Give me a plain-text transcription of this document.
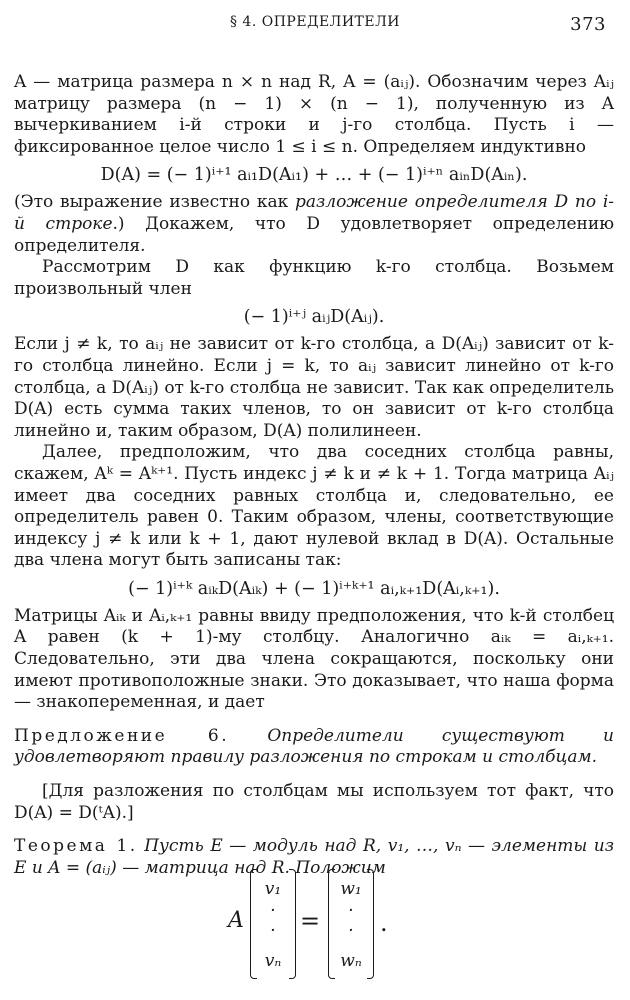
§ 4. ОПРЕДЕЛИТЕЛИ	373

A — матрица размера n × n над R, A = (aᵢⱼ). Обозначим через Aᵢⱼ матрицу размера (n − 1) × (n − 1), полученную из A вычеркиванием i-й строки и j-го столбца. Пусть i — фиксированное целое число 1 ≤ i ≤ n. Определяем индуктивно

D(A) = (− 1)ⁱ⁺¹ aᵢ₁D(Aᵢ₁) + … + (− 1)ⁱ⁺ⁿ aᵢₙD(Aᵢₙ).

(Это выражение известно как разложение определителя D по i-й строке.) Докажем, что D удовлетворяет определению определителя.

Рассмотрим D как функцию k-го столбца. Возьмем произвольный член

(− 1)ⁱ⁺ʲ aᵢⱼD(Aᵢⱼ).

Если j ≠ k, то aᵢⱼ не зависит от k-го столбца, а D(Aᵢⱼ) зависит от k-го столбца линейно. Если j = k, то aᵢⱼ зависит линейно от k-го столбца, а D(Aᵢⱼ) от k-го столбца не зависит. Так как определитель D(A) есть сумма таких членов, то он зависит от k-го столбца линейно и, таким образом, D(A) полилинеен.

Далее, предположим, что два соседних столбца равны, скажем, Aᵏ = Aᵏ⁺¹. Пусть индекс j ≠ k и ≠ k + 1. Тогда матрица Aᵢⱼ имеет два соседних равных столбца и, следовательно, ее определитель равен 0. Таким образом, члены, соответствующие индексу j ≠ k или k + 1, дают нулевой вклад в D(A). Остальные два члена могут быть записаны так:

(− 1)ⁱ⁺ᵏ aᵢₖD(Aᵢₖ) + (− 1)ⁱ⁺ᵏ⁺¹ aᵢ,ₖ₊₁D(Aᵢ,ₖ₊₁).

Матрицы Aᵢₖ и Aᵢ,ₖ₊₁ равны ввиду предположения, что k-й столбец A равен (k + 1)-му столбцу. Аналогично aᵢₖ = aᵢ,ₖ₊₁. Следовательно, эти два члена сокращаются, поскольку они имеют противоположные знаки. Это доказывает, что наша форма — знакопеременная, и дает

Предложение 6. Определители существуют и удовлетворяют правилу разложения по строкам и столбцам.

[Для разложения по столбцам мы используем тот факт, что D(A) = D(ᵗA).]

Теорема 1. Пусть E — модуль над R, v₁, …, vₙ — элементы из E и A = (aᵢⱼ) — матрица над R. Положим

A
v₁
·
·
vₙ
=
w₁
·
·
wₙ
.
